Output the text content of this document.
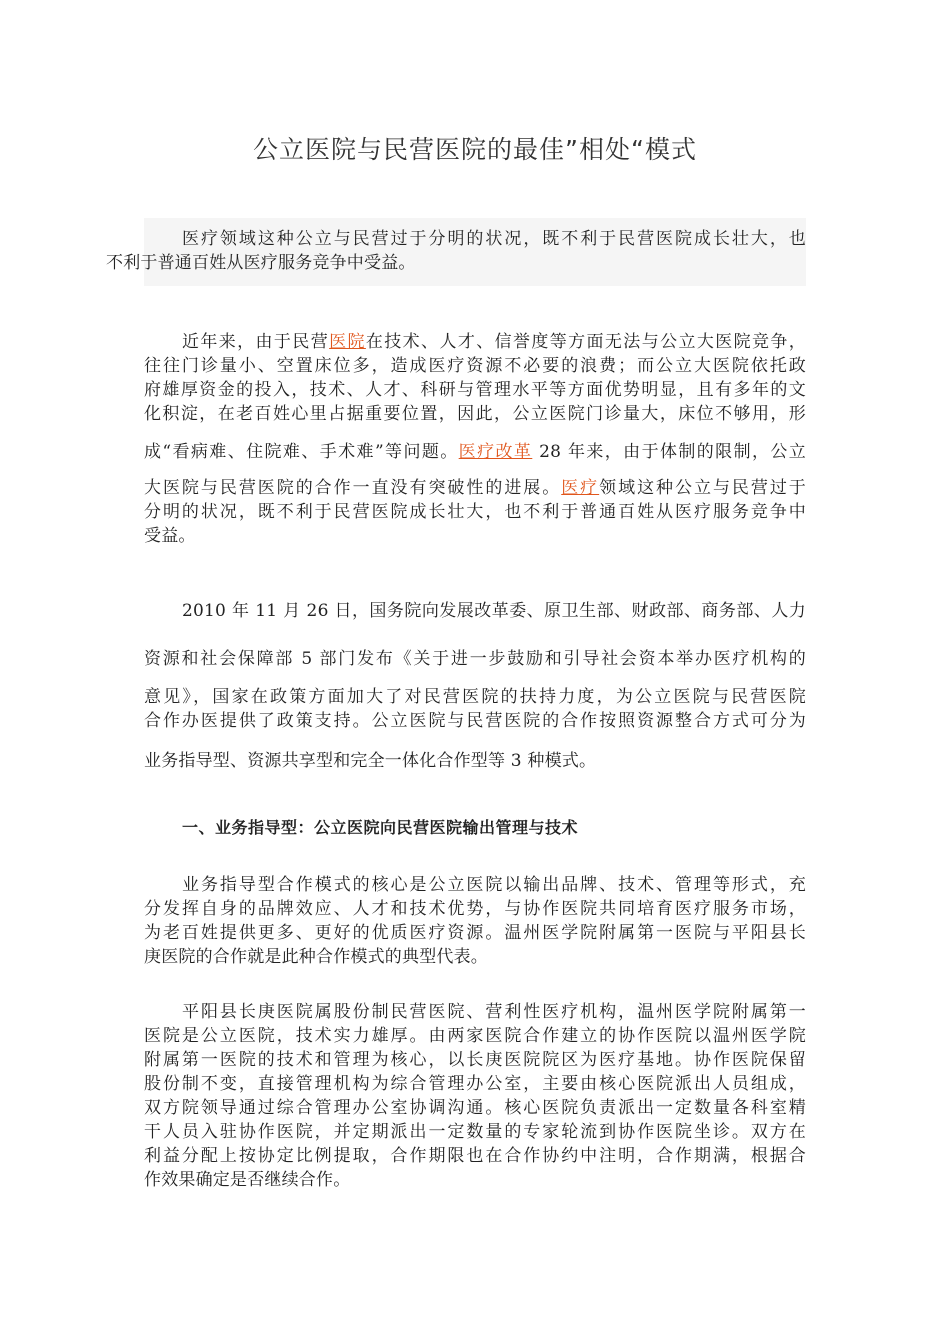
公立医院与民营医院的最佳”相处“模式

医疗领域这种公立与民营过于分明的状况，既不利于民营医院成长壮大，也
不利于普通百姓从医疗服务竞争中受益。

近年来，由于民营医院在技术、人才、信誉度等方面无法与公立大医院竞争，
往往门诊量小、空置床位多，造成医疗资源不必要的浪费；而公立大医院依托政
府雄厚资金的投入，技术、人才、科研与管理水平等方面优势明显，且有多年的文
化积淀，在老百姓心里占据重要位置，因此，公立医院门诊量大，床位不够用，形
成“看病难、住院难、手术难”等问题。医疗改革 28 年来，由于体制的限制，公立
大医院与民营医院的合作一直没有突破性的进展。医疗领域这种公立与民营过于
分明的状况，既不利于民营医院成长壮大，也不利于普通百姓从医疗服务竞争中
受益。
2010 年 11 月 26 日，国务院向发展改革委、原卫生部、财政部、商务部、人力
资源和社会保障部 5 部门发布《关于进一步鼓励和引导社会资本举办医疗机构的
意见》，国家在政策方面加大了对民营医院的扶持力度，为公立医院与民营医院
合作办医提供了政策支持。公立医院与民营医院的合作按照资源整合方式可分为
业务指导型、资源共享型和完全一体化合作型等 3 种模式。
一、业务指导型：公立医院向民营医院输出管理与技术
业务指导型合作模式的核心是公立医院以输出品牌、技术、管理等形式，充
分发挥自身的品牌效应、人才和技术优势，与协作医院共同培育医疗服务市场，
为老百姓提供更多、更好的优质医疗资源。温州医学院附属第一医院与平阳县长
庚医院的合作就是此种合作模式的典型代表。
平阳县长庚医院属股份制民营医院、营利性医疗机构，温州医学院附属第一
医院是公立医院，技术实力雄厚。由两家医院合作建立的协作医院以温州医学院
附属第一医院的技术和管理为核心，以长庚医院院区为医疗基地。协作医院保留
股份制不变，直接管理机构为综合管理办公室，主要由核心医院派出人员组成，
双方院领导通过综合管理办公室协调沟通。核心医院负责派出一定数量各科室精
干人员入驻协作医院，并定期派出一定数量的专家轮流到协作医院坐诊。双方在
利益分配上按协定比例提取，合作期限也在合作协约中注明，合作期满，根据合
作效果确定是否继续合作。
